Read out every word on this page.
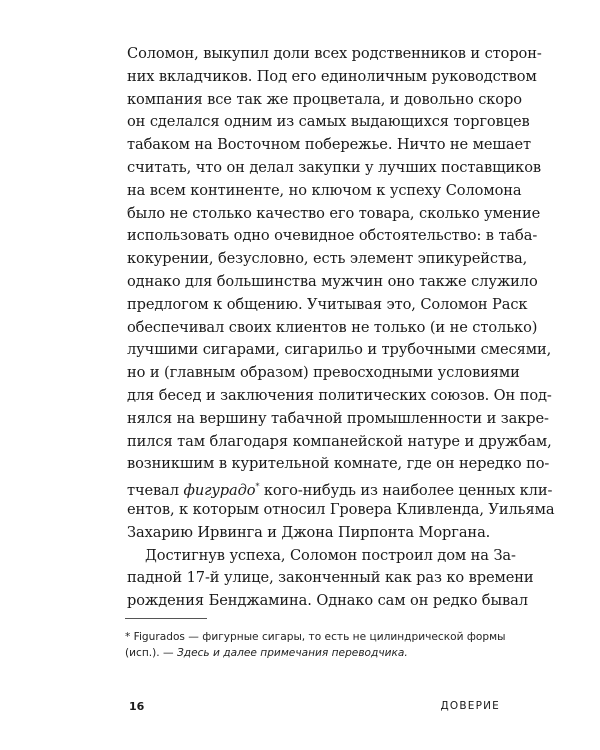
Соломон, выкупил доли всех родственников и сторон-
них вкладчиков. Под его единоличным руководством
компания все так же процветала, и довольно скоро
он сделался одним из самых выдающихся торговцев
табаком на Восточном побережье. Ничто не мешает
считать, что он делал закупки у лучших поставщиков
на всем континенте, но ключом к успеху Соломона
было не столько качество его товара, сколько умение
использовать одно очевидное обстоятельство: в таба-
кокурении, безусловно, есть элемент эпикурейства,
однако для большинства мужчин оно также служило
предлогом к общению. Учитывая это, Соломон Раск
обеспечивал своих клиентов не только (и не столько)
лучшими сигарами, сигарильо и трубочными смесями,
но и (главным образом) превосходными условиями
для бесед и заключения политических союзов. Он под-
нялся на вершину табачной промышленности и закре-
пился там благодаря компанейской натуре и дружбам,
возникшим в курительной комнате, где он нередко по-
тчевал фигурадо* кого-нибудь из наиболее ценных кли-
ентов, к которым относил Гровера Кливленда, Уильяма
Захарию Ирвинга и Джона Пирпонта Моргана.
Достигнув успеха, Соломон построил дом на За-
падной 17-й улице, законченный как раз ко времени
рождения Бенджамина. Однако сам он редко бывал
* Figurados — фигурные сигары, то есть не цилиндрической формы
(исп.). — Здесь и далее примечания переводчика.
16	ДОВЕРИЕ
